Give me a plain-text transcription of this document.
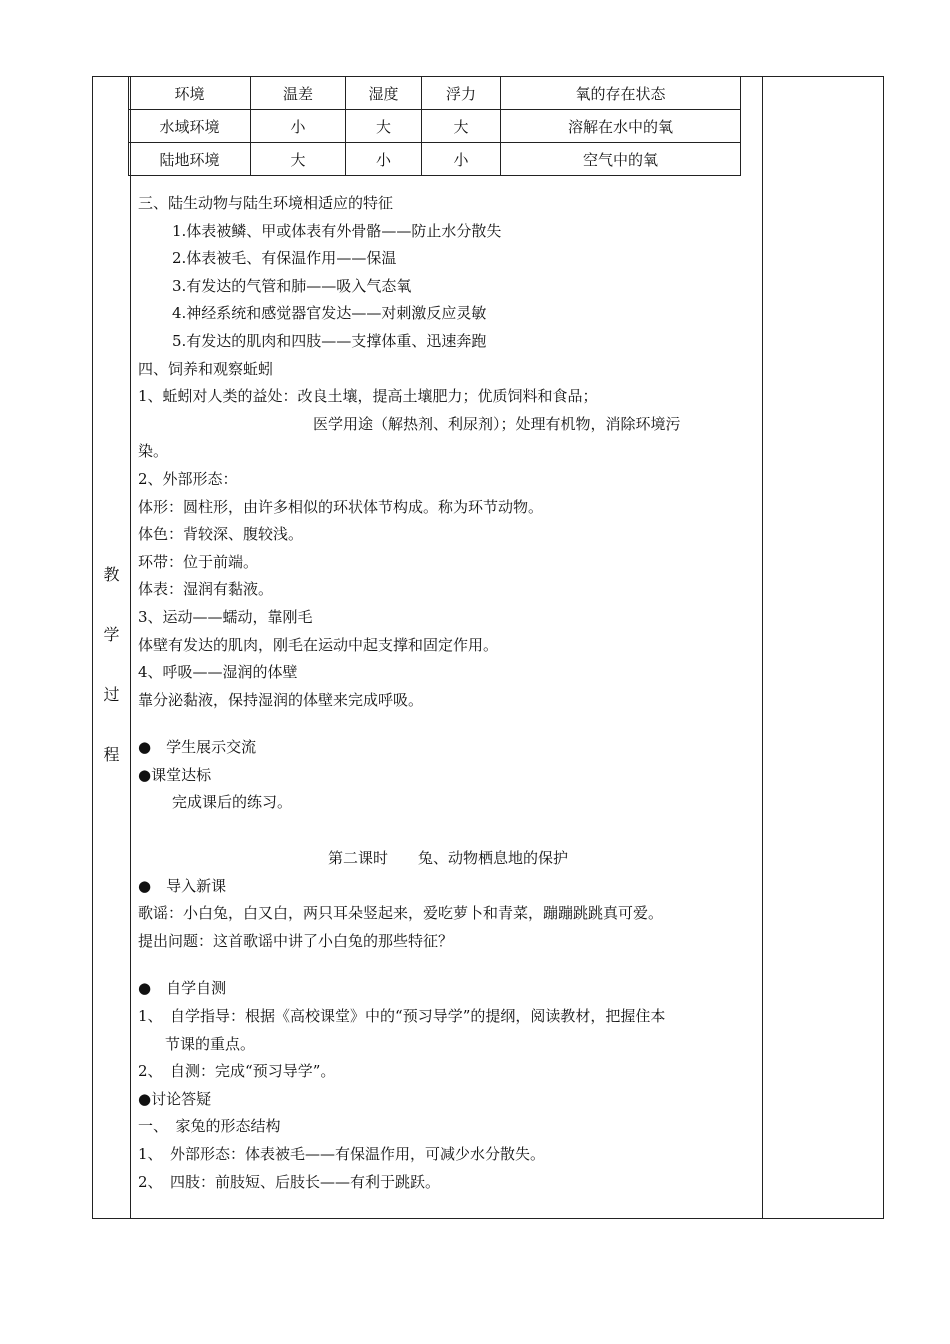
教
学
过
程
环境	温差	湿度	浮力	氧的存在状态
水域环境	小	大	大	溶解在水中的氧
陆地环境	大	小	小	空气中的氧
三、陆生动物与陆生环境相适应的特征
1.体表被鳞、甲或体表有外骨骼——防止水分散失
2.体表被毛、有保温作用——保温
3.有发达的气管和肺——吸入气态氧
4.神经系统和感觉器官发达——对刺激反应灵敏
5.有发达的肌肉和四肢——支撑体重、迅速奔跑
四、饲养和观察蚯蚓
1、蚯蚓对人类的益处：改良土壤，提高土壤肥力；优质饲料和食品；
医学用途（解热剂、利尿剂）；处理有机物，消除环境污
染。
2、外部形态：
体形：圆柱形，由许多相似的环状体节构成。称为环节动物。
体色：背较深、腹较浅。
环带：位于前端。
体表：湿润有黏液。
3、运动——蠕动，靠刚毛
体壁有发达的肌肉，刚毛在运动中起支撑和固定作用。
4、呼吸——湿润的体壁
靠分泌黏液，保持湿润的体壁来完成呼吸。
●　学生展示交流
●课堂达标
完成课后的练习。
第二课时　　兔、动物栖息地的保护
●　导入新课
歌谣：小白兔，白又白，两只耳朵竖起来，爱吃萝卜和青菜，蹦蹦跳跳真可爱。
提出问题：这首歌谣中讲了小白兔的那些特征？
●　自学自测
1、　自学指导：根据《高校课堂》中的“预习导学”的提纲，阅读教材，把握住本
节课的重点。
2、　自测：完成“预习导学”。
●讨论答疑
一、　家兔的形态结构
1、　外部形态：体表被毛——有保温作用，可减少水分散失。
2、　四肢：前肢短、后肢长——有利于跳跃。
